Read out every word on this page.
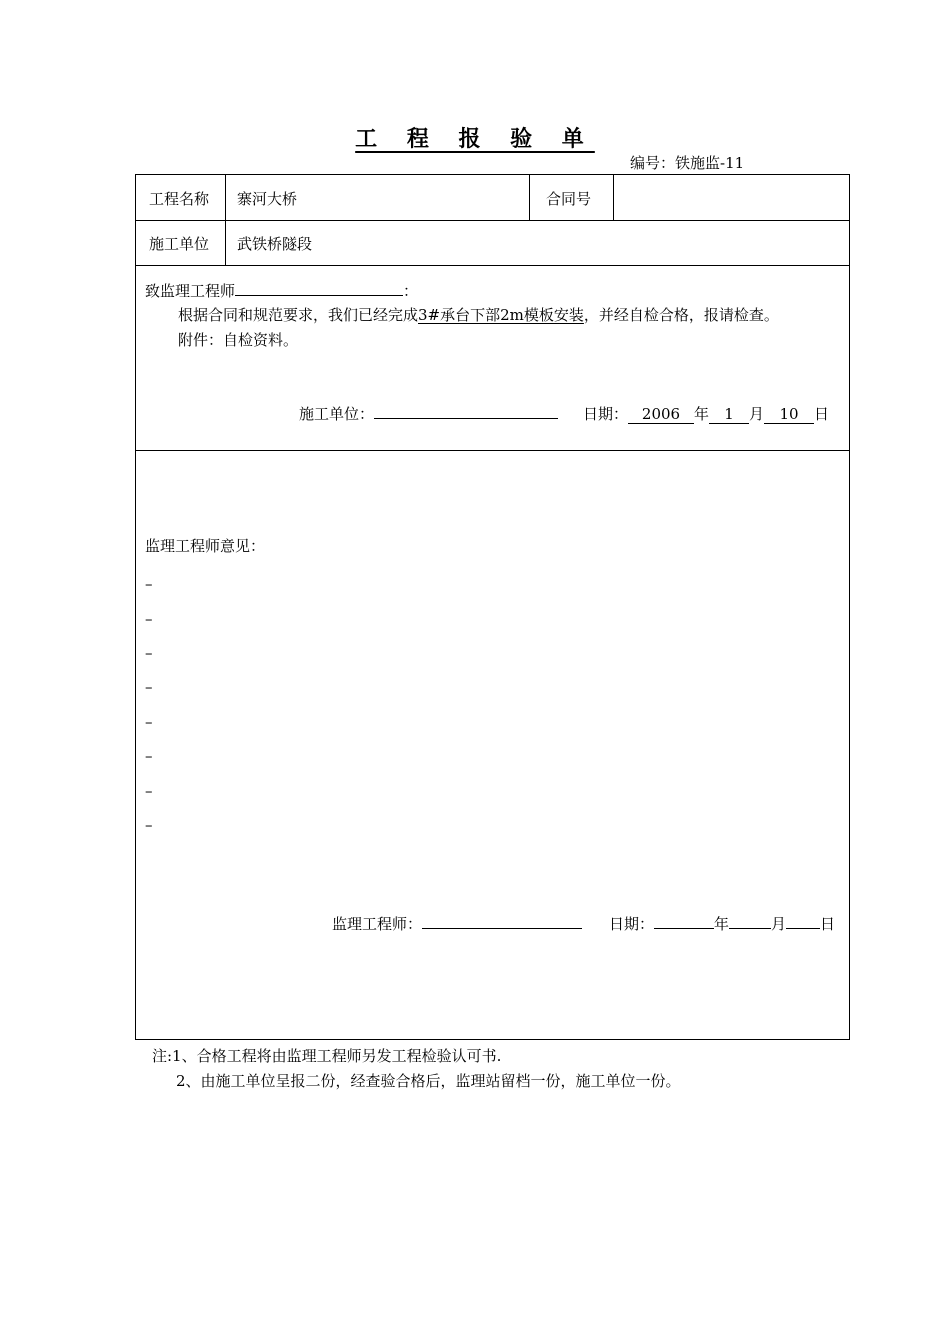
工 程 报 验 单
编号：铁施监-11
工程名称 寨河大桥	合同号
施工单位 武铁桥隧段
致监理工程师	：
根据合同和规范要求，我们已经完成3#承台下部2m模板安装，并经自检合格，报请检查。
附件：自检资料。
施工单位：	日期： 2006 年 1 月 10 日
监理工程师意见：
–
–
–
–
–
–
–
–
监理工程师：	日期：	年	月 日
注:1、合格工程将由监理工程师另发工程检验认可书.
2、由施工单位呈报二份，经查验合格后，监理站留档一份，施工单位一份。
